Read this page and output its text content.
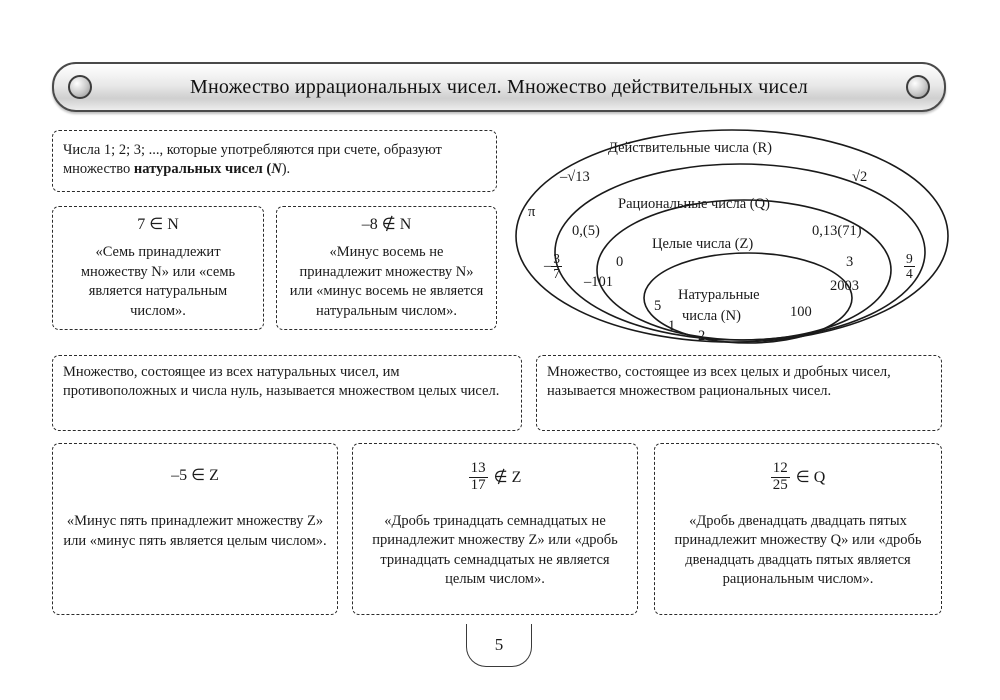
Множество иррациональных чисел. Множество действительных чисел
Числа 1; 2; 3; ..., которые употребляются при счете, образуют множество натуральных чисел (N).
7 ∈ N
«Семь принадлежит множеству N» или «семь является натуральным числом».
–8 ∉ N
«Минус восемь не принадлежит множеству N» или «минус восемь не является натуральным числом».
Действительные числа (R)
Рациональные числа (Q)
Целые числа (Z)
Натуральные
числа (N)
π
–√13	√2
0,(5)	0,13(71)
– $\frac{3}{7}$	$\frac{9}{4}$
0
–101
3
2003
5
1
2
100
Множество, состоящее из всех натуральных чисел, им противоположных и числа нуль, называется множеством целых чисел.
Множество, состоящее из всех целых и дробных чисел, называется множеством рациональных чисел.
–5 ∈ Z
«Минус пять принадлежит множеству Z» или «минус пять является целым числом».
$\frac{13}{17}$ ∉ Z
«Дробь тринадцать семнадцатых не принадлежит множеству Z» или «дробь тринадцать семнадцатых не является целым числом».
$\frac{12}{25}$ ∈ Q
«Дробь двенадцать двадцать пятых принадлежит множеству Q» или «дробь двенадцать двадцать пятых является рациональным числом».
5
